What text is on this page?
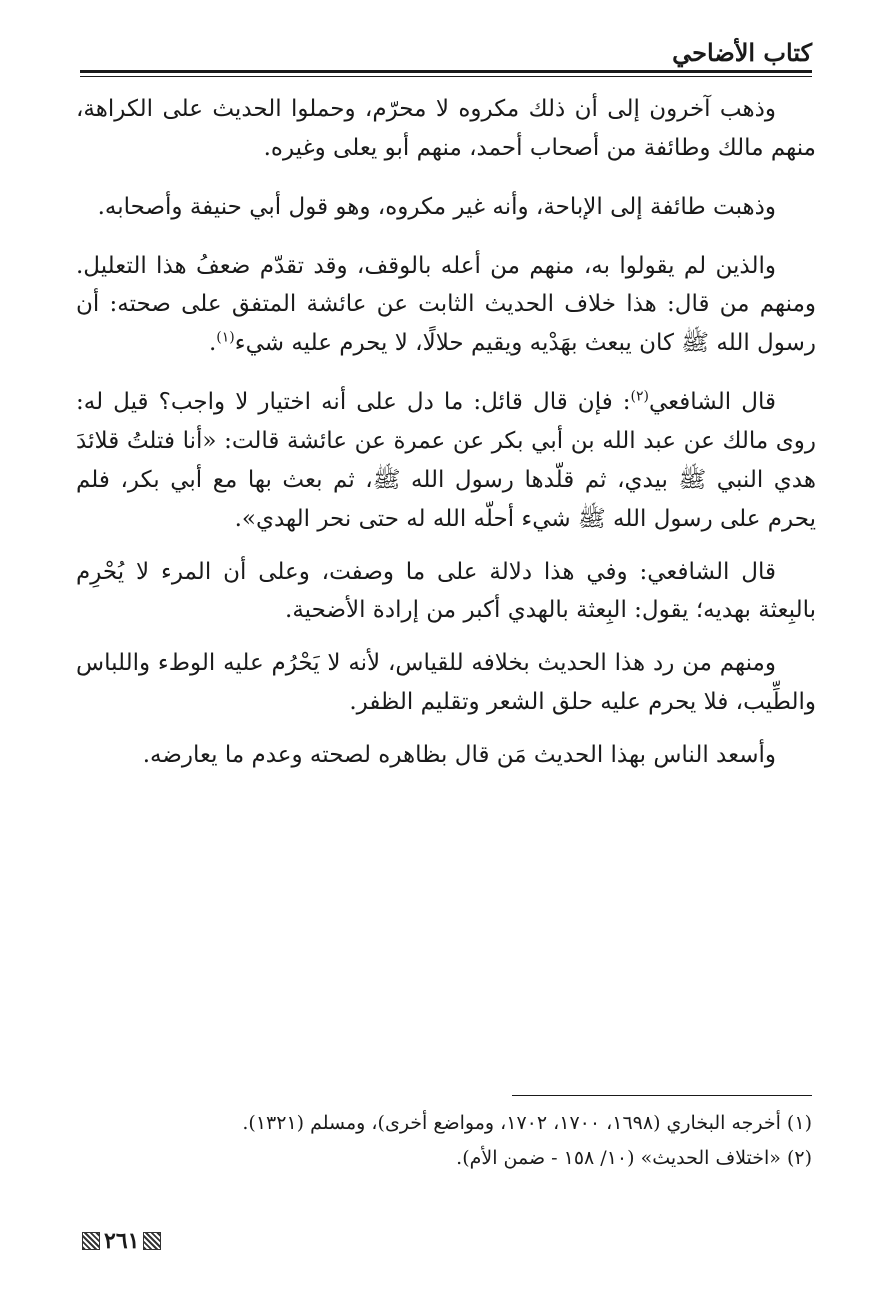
كتاب الأضاحي

وذهب آخرون إلى أن ذلك مكروه لا محرّم، وحملوا الحديث على الكراهة، منهم مالك وطائفة من أصحاب أحمد، منهم أبو يعلى وغيره.

وذهبت طائفة إلى الإباحة، وأنه غير مكروه، وهو قول أبي حنيفة وأصحابه.

والذين لم يقولوا به، منهم من أعله بالوقف، وقد تقدّم ضعفُ هذا التعليل. ومنهم من قال: هذا خلاف الحديث الثابت عن عائشة المتفق على صحته: أن رسول الله ﷺ كان يبعث بهَدْيه ويقيم حلالًا، لا يحرم عليه شيء$^{(١)}$.

قال الشافعي$^{(٢)}$: فإن قال قائل: ما دل على أنه اختيار لا واجب؟ قيل له: روى مالك عن عبد الله بن أبي بكر عن عمرة عن عائشة قالت: «أنا فتلتُ قلائدَ هدي النبي ﷺ بيدي، ثم قلّدها رسول الله ﷺ، ثم بعث بها مع أبي بكر، فلم يحرم على رسول الله ﷺ شيء أحلّه الله له حتى نحر الهدي».

قال الشافعي: وفي هذا دلالة على ما وصفت، وعلى أن المرء لا يُحْرِم بالبِعثة بهديه؛ يقول: البِعثة بالهدي أكبر من إرادة الأضحية.

ومنهم من رد هذا الحديث بخلافه للقياس، لأنه لا يَحْرُم عليه الوطء واللباس والطِّيب، فلا يحرم عليه حلق الشعر وتقليم الظفر.

وأسعد الناس بهذا الحديث مَن قال بظاهره لصحته وعدم ما يعارضه.

(١) أخرجه البخاري (١٦٩٨، ١٧٠٠، ١٧٠٢، ومواضع أخرى)، ومسلم (١٣٢١).
(٢) «اختلاف الحديث» (١٠/ ١٥٨ - ضمن الأم).
٢٦١
